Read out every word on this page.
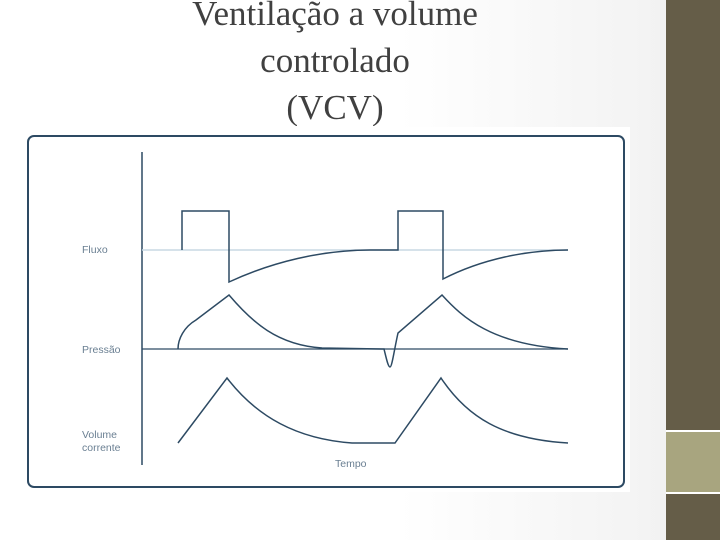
Ventilação a volume
controlado
(VCV)
Fluxo
Pressão
Volume
corrente
Tempo
